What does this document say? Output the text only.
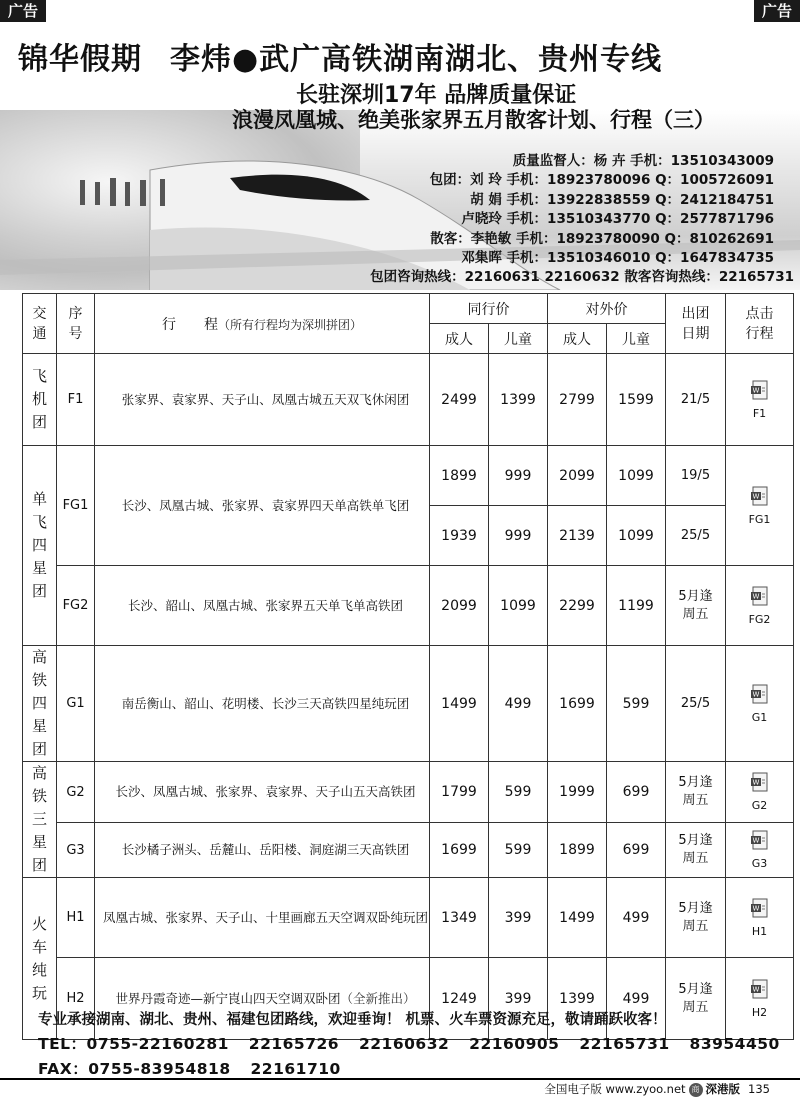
广告	广告
锦华假期 李炜●武广高铁湖南湖北、贵州专线
长驻深圳17年 品牌质量保证
浪漫凤凰城、绝美张家界五月散客计划、行程（三）
质量监督人：杨 卉 手机：13510343009
包团：刘 玲 手机：18923780096 Q：1005726091
胡 娟 手机：13922838559 Q：2412184751
卢晓玲 手机：13510343770 Q：2577871796
散客：李艳敏 手机：18923780090 Q：810262691
邓集晖 手机：13510346010 Q：1647834735
包团咨询热线：22160631 22160632 散客咨询热线：22165731
交通	序号	行　　程（所有行程均为深圳拼团）	同行价		对外价		出团日期	点击行程

			成人	儿童	成人	儿童		

飞机团	F1	张家界、袁家界、天子山、凤凰古城五天双飞休闲团	2499	1399	2799	1599	21/5	W
F1

单飞四星团	FG1	长沙、凤凰古城、张家界、袁家界四天单高铁单飞团	1899	999	2099	1099	19/5	W
FG1

			1939	999	2139	1099	25/5	
	FG2	长沙、韶山、凤凰古城、张家界五天单飞单高铁团	2099	1099	2299	1199	5月逢周五	W
FG2

高铁四星团	G1	南岳衡山、韶山、花明楼、长沙三天高铁四星纯玩团	1499	499	1699	599	25/5	W
G1

高铁三星团	G2	长沙、凤凰古城、张家界、袁家界、天子山五天高铁团	1799	599	1999	699	5月逢周五	W
G2

	G3	长沙橘子洲头、岳麓山、岳阳楼、洞庭湖三天高铁团	1699	599	1899	699	5月逢周五	W
G3

火车纯玩	H1	凤凰古城、张家界、天子山、十里画廊五天空调双卧纯玩团	1349	399	1499	499	5月逢周五	W
H1

	H2	世界丹霞奇迹—新宁崀山四天空调双卧团（全新推出）	1249	399	1399	499	5月逢周五	W
H2
专业承接湖南、湖北、贵州、福建包团路线，欢迎垂询！ 机票、火车票资源充足，敬请踊跃收客！
TEL：0755-22160281 22165726 22160632 22160905 22165731 83954450
FAX：0755-83954818 22161710
全国电子版 www.zyoo.net 商 深港版 135
